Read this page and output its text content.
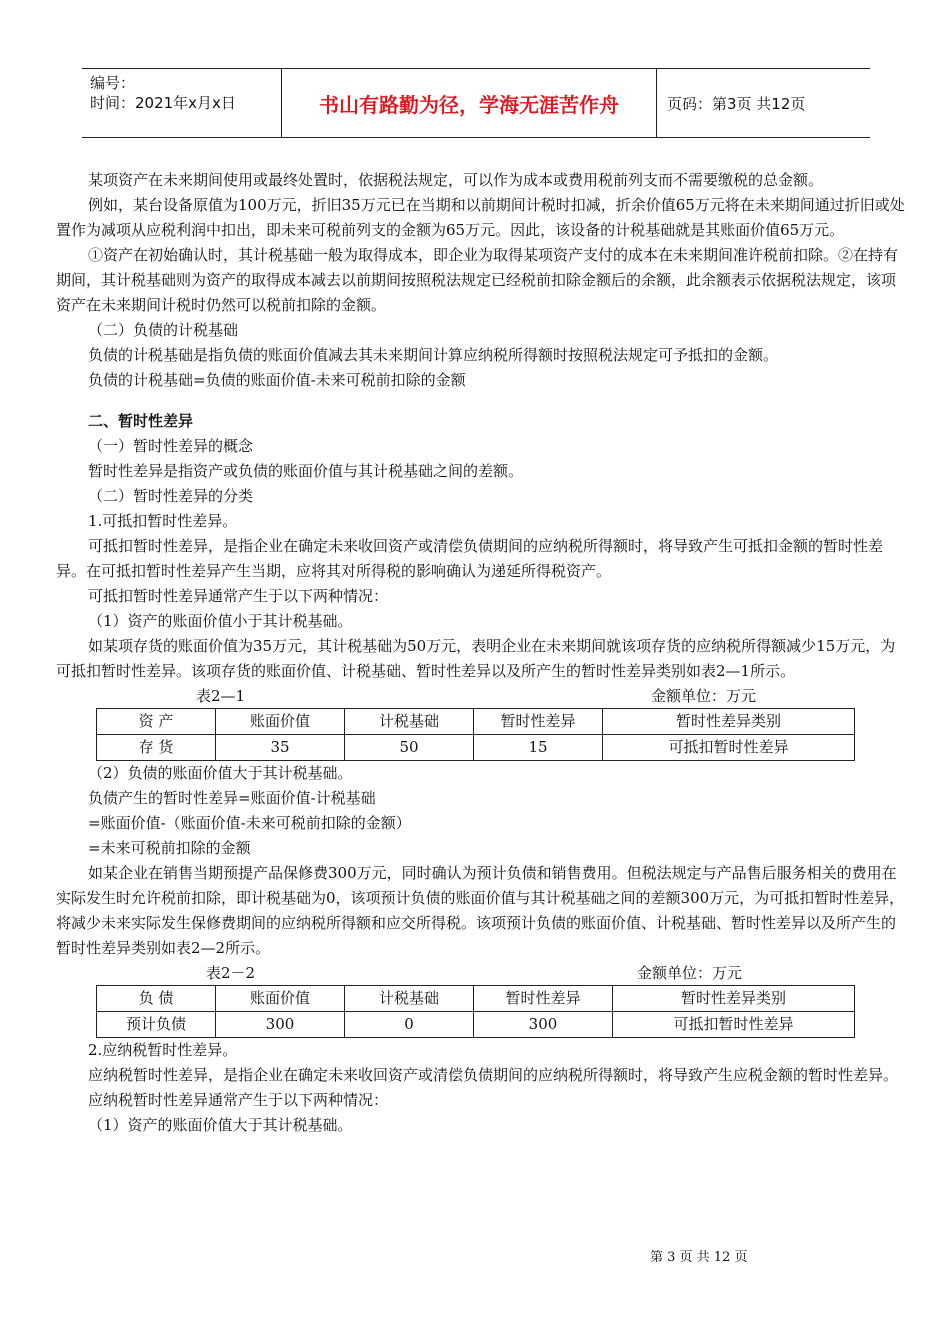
编号：
时间：2021年x月x日	书山有路勤为径，学海无涯苦作舟	页码：第3页 共12页

某项资产在未来期间使用或最终处置时，依据税法规定，可以作为成本或费用税前列支而不需要缴税的总金额。

例如，某台设备原值为100万元，折旧35万元已在当期和以前期间计税时扣减，折余价值65万元将在未来期间通过折旧或处置作为减项从应税利润中扣出，即未来可税前列支的金额为65万元。因此，该设备的计税基础就是其账面价值65万元。

①资产在初始确认时，其计税基础一般为取得成本，即企业为取得某项资产支付的成本在未来期间准许税前扣除。②在持有期间，其计税基础则为资产的取得成本减去以前期间按照税法规定已经税前扣除金额后的余额，此余额表示依据税法规定，该项资产在未来期间计税时仍然可以税前扣除的金额。

（二）负债的计税基础

负债的计税基础是指负债的账面价值减去其未来期间计算应纳税所得额时按照税法规定可予抵扣的金额。

负债的计税基础=负债的账面价值-未来可税前扣除的金额

二、暂时性差异

（一）暂时性差异的概念

暂时性差异是指资产或负债的账面价值与其计税基础之间的差额。

（二）暂时性差异的分类

1.可抵扣暂时性差异。

可抵扣暂时性差异，是指企业在确定未来收回资产或清偿负债期间的应纳税所得额时，将导致产生可抵扣金额的暂时性差异。在可抵扣暂时性差异产生当期，应将其对所得税的影响确认为递延所得税资产。

可抵扣暂时性差异通常产生于以下两种情况：

（1）资产的账面价值小于其计税基础。

如某项存货的账面价值为35万元，其计税基础为50万元，表明企业在未来期间就该项存货的应纳税所得额减少15万元，为可抵扣暂时性差异。该项存货的账面价值、计税基础、暂时性差异以及所产生的暂时性差异类别如表2—1所示。

表2—1	金额单位：万元
资 产	账面价值	计税基础	暂时性差异	暂时性差异类别
存 货	35	50	15	可抵扣暂时性差异

（2）负债的账面价值大于其计税基础。

负债产生的暂时性差异=账面价值-计税基础

=账面价值-（账面价值-未来可税前扣除的金额）

=未来可税前扣除的金额

如某企业在销售当期预提产品保修费300万元，同时确认为预计负债和销售费用。但税法规定与产品售后服务相关的费用在实际发生时允许税前扣除，即计税基础为0，该项预计负债的账面价值与其计税基础之间的差额300万元，为可抵扣暂时性差异，将减少未来实际发生保修费期间的应纳税所得额和应交所得税。该项预计负债的账面价值、计税基础、暂时性差异以及所产生的暂时性差异类别如表2—2所示。

表2－2	金额单位：万元
负 债	账面价值	计税基础	暂时性差异	暂时性差异类别
预计负债	300	0	300	可抵扣暂时性差异

2.应纳税暂时性差异。

应纳税暂时性差异，是指企业在确定未来收回资产或清偿负债期间的应纳税所得额时，将导致产生应税金额的暂时性差异。

应纳税暂时性差异通常产生于以下两种情况：

（1）资产的账面价值大于其计税基础。

第 3 页 共 12 页
